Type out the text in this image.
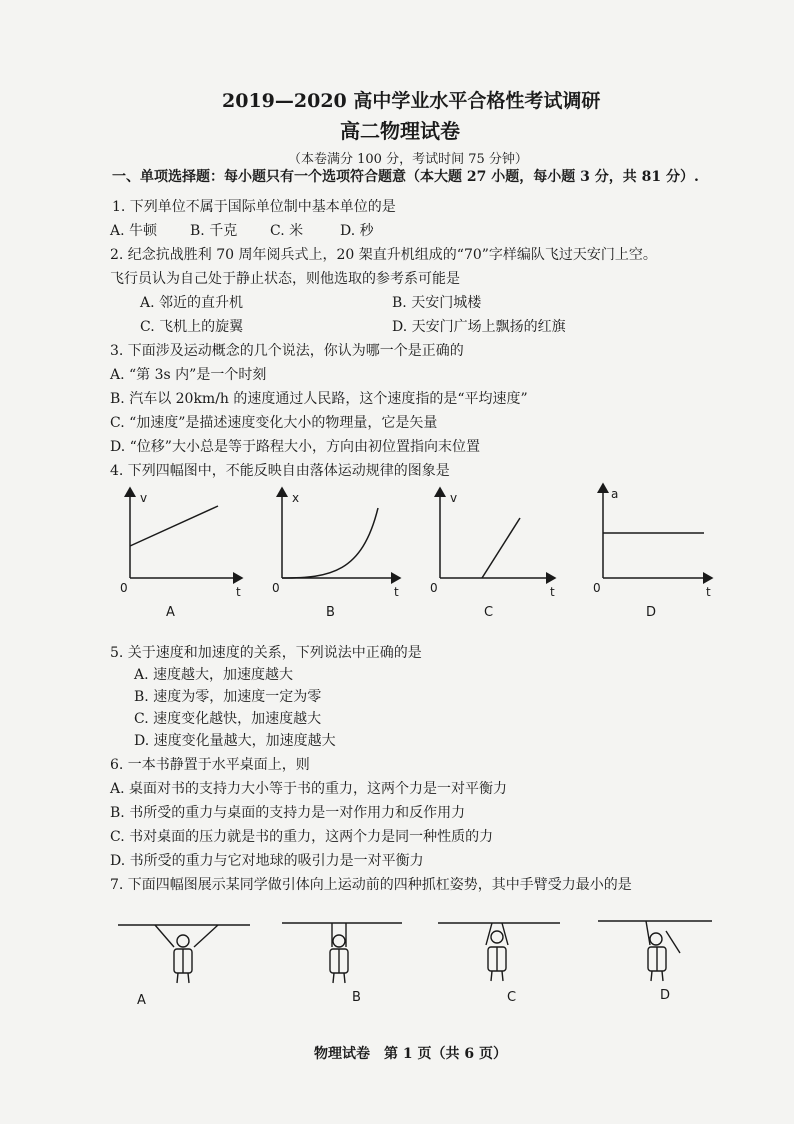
2019—2020 高中学业水平合格性考试调研
高二物理试卷
（本卷满分 100 分，考试时间 75 分钟）
一、单项选择题：每小题只有一个选项符合题意（本大题 27 小题，每小题 3 分，共 81 分）.
1. 下列单位不属于国际单位制中基本单位的是
A. 牛顿 B. 千克 C. 米	D. 秒
2. 纪念抗战胜利 70 周年阅兵式上，20 架直升机组成的“70”字样编队飞过天安门上空。
飞行员认为自己处于静止状态，则他选取的参考系可能是
A. 邻近的直升机	B. 天安门城楼
C. 飞机上的旋翼	D. 天安门广场上飘扬的红旗
3. 下面涉及运动概念的几个说法，你认为哪一个是正确的
A. “第 3s 内”是一个时刻
B. 汽车以 20km/h 的速度通过人民路，这个速度指的是“平均速度”
C. “加速度”是描述速度变化大小的物理量，它是矢量
D. “位移”大小总是等于路程大小，方向由初位置指向末位置
4. 下列四幅图中，不能反映自由落体运动规律的图象是
v
t
0
x
t
0
v
t
0
a
t
0
A	B	C	D
5. 关于速度和加速度的关系，下列说法中正确的是
A. 速度越大，加速度越大
B. 速度为零，加速度一定为零
C. 速度变化越快，加速度越大
D. 速度变化量越大，加速度越大
6. 一本书静置于水平桌面上，则
A. 桌面对书的支持力大小等于书的重力，这两个力是一对平衡力
B. 书所受的重力与桌面的支持力是一对作用力和反作用力
C. 书对桌面的压力就是书的重力，这两个力是同一种性质的力
D. 书所受的重力与它对地球的吸引力是一对平衡力
7. 下面四幅图展示某同学做引体向上运动前的四种抓杠姿势，其中手臂受力最小的是
A	B	C	D
物理试卷　第 1 页（共 6 页）
